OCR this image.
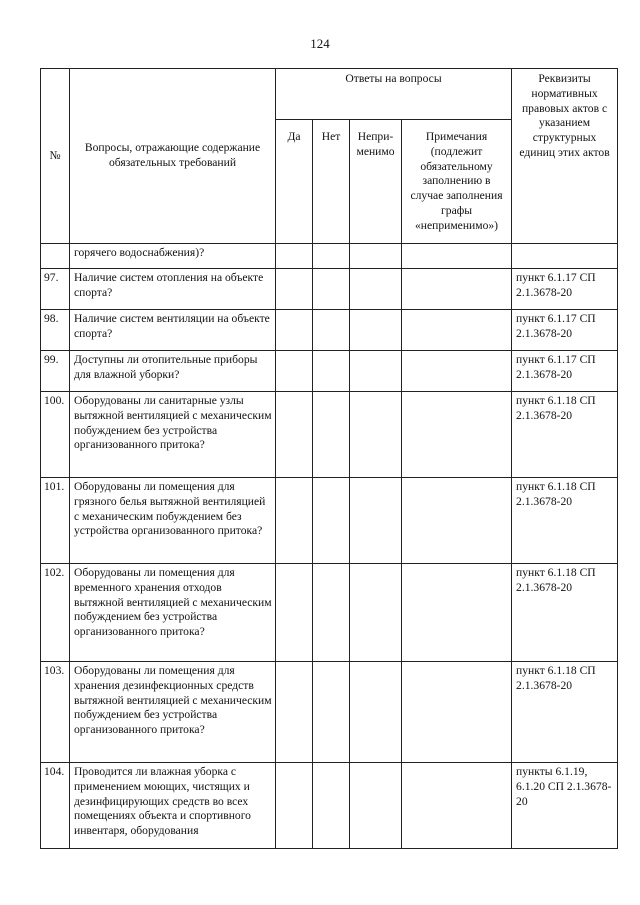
124
№	Вопросы, отражающие содержание обязательных требований	Ответы на вопросы				Реквизиты нормативных правовых актов с указанием структурных единиц этих актов
		Да	Нет	Непри-менимо	Примечания (подлежит обязательному заполнению в случае заполнения графы «неприменимо»)	
	горячего водоснабжения)?					
97.	Наличие систем отопления на объекте спорта?					пункт 6.1.17 СП 2.1.3678-20
98.	Наличие систем вентиляции на объекте спорта?					пункт 6.1.17 СП 2.1.3678-20
99.	Доступны ли отопительные приборы для влажной уборки?					пункт 6.1.17 СП 2.1.3678-20
100.	Оборудованы ли санитарные узлы вытяжной вентиляцией с механическим побуждением без устройства организованного притока?					пункт 6.1.18 СП 2.1.3678-20
101.	Оборудованы ли помещения для грязного белья вытяжной вентиляцией с механическим побуждением без устройства организованного притока?					пункт 6.1.18 СП 2.1.3678-20
102.	Оборудованы ли помещения для временного хранения отходов вытяжной вентиляцией с механическим побуждением без устройства организованного притока?					пункт 6.1.18 СП 2.1.3678-20
103.	Оборудованы ли помещения для хранения дезинфекционных средств вытяжной вентиляцией с механическим побуждением без устройства организованного притока?					пункт 6.1.18 СП 2.1.3678-20
104.	Проводится ли влажная уборка с применением моющих, чистящих и дезинфицирующих средств во всех помещениях объекта и спортивного инвентаря, оборудования					пункты 6.1.19, 6.1.20 СП 2.1.3678-20
